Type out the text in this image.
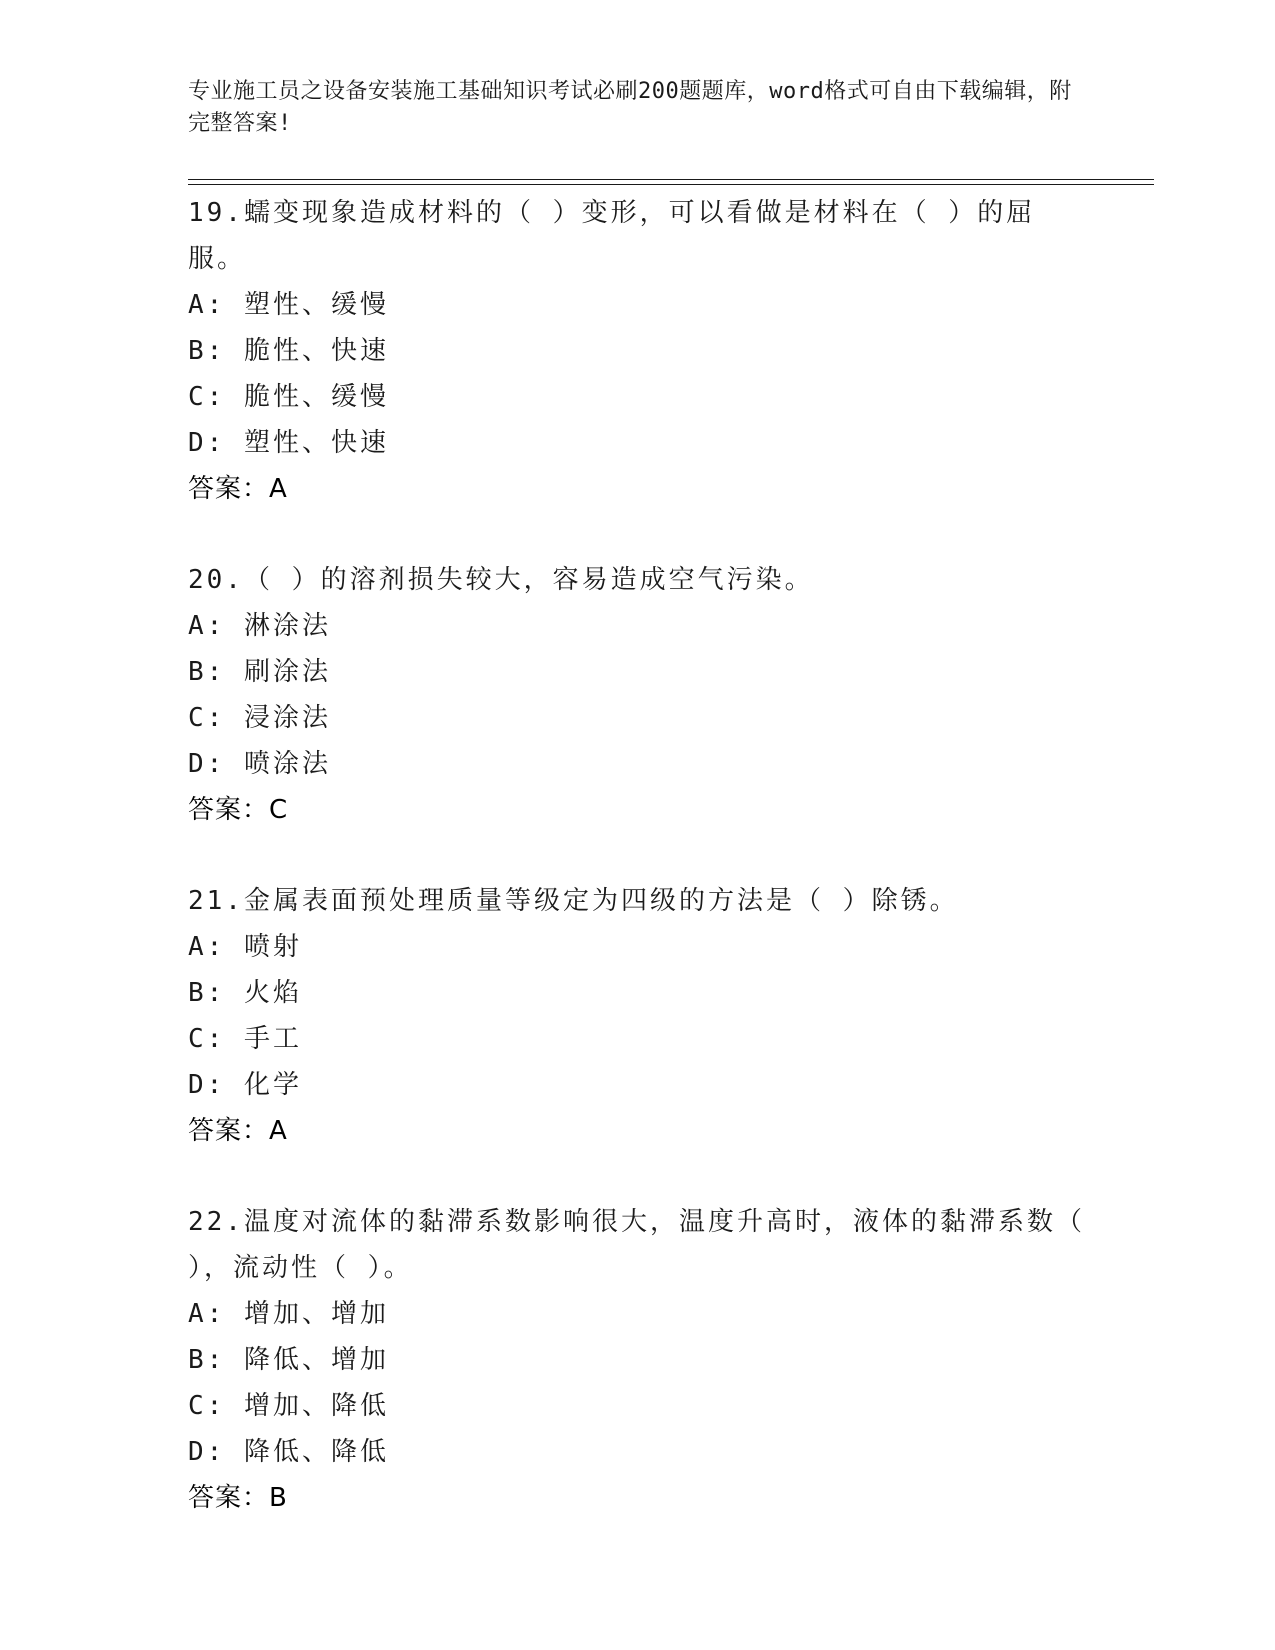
专业施工员之设备安装施工基础知识考试必刷200题题库，word格式可自由下载编辑，附完整答案!
19.蠕变现象造成材料的（ ）变形，可以看做是材料在（ ）的屈服。
A: 塑性、缓慢
B: 脆性、快速
C: 脆性、缓慢
D: 塑性、快速
答案：A
20.（ ）的溶剂损失较大，容易造成空气污染。
A: 淋涂法
B: 刷涂法
C: 浸涂法
D: 喷涂法
答案：C
21.金属表面预处理质量等级定为四级的方法是（ ）除锈。
A: 喷射
B: 火焰
C: 手工
D: 化学
答案：A
22.温度对流体的黏滞系数影响很大，温度升高时，液体的黏滞系数（ ），流动性（ ）。
A: 增加、增加
B: 降低、增加
C: 增加、降低
D: 降低、降低
答案：B
